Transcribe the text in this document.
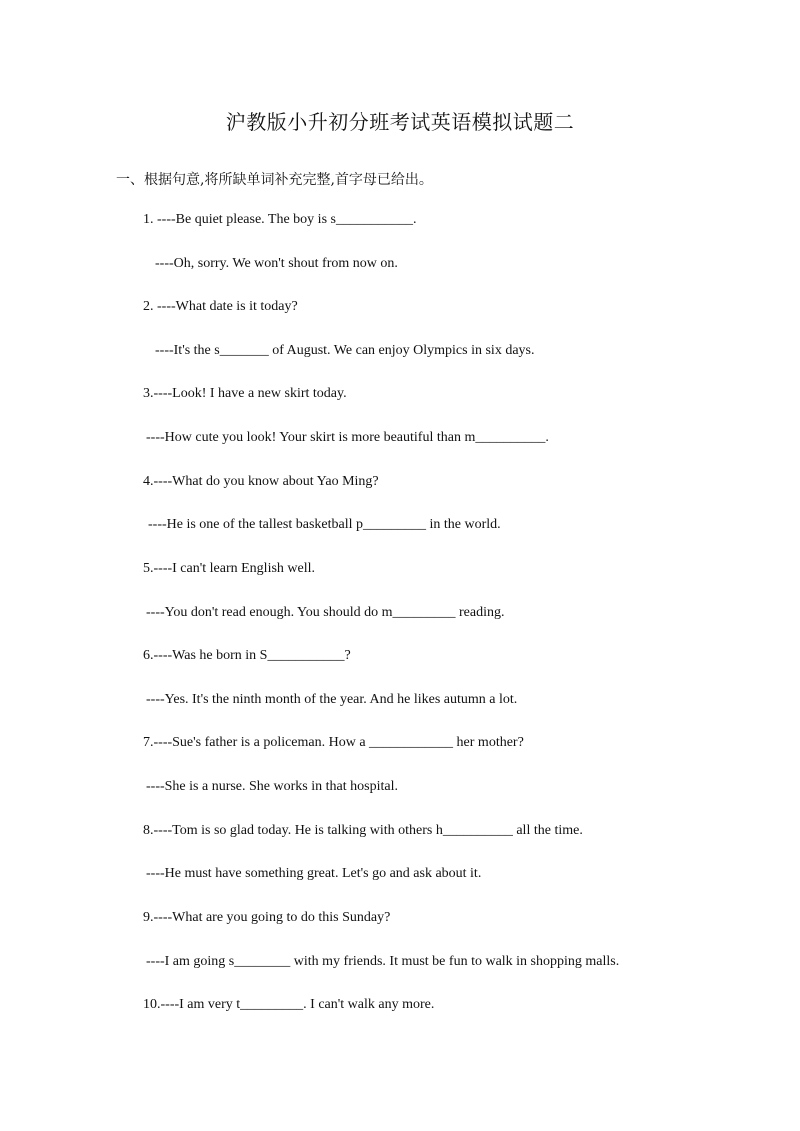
沪教版小升初分班考试英语模拟试题二
一、根据句意,将所缺单词补充完整,首字母已给出。
1. ----Be quiet please. The boy is s___________.
----Oh, sorry. We won't shout from now on.
2. ----What date is it today?
----It's the s_______ of August. We can enjoy Olympics in six days.
3.----Look! I have a new skirt today.
----How cute you look! Your skirt is more beautiful than m__________.
4.----What do you know about Yao Ming?
----He is one of the tallest basketball p_________ in the world.
5.----I can't learn English well.
----You don't read enough. You should do m_________ reading.
6.----Was he born in S___________?
----Yes. It's the ninth month of the year. And he likes autumn a lot.
7.----Sue's father is a policeman. How a ____________ her mother?
----She is a nurse. She works in that hospital.
8.----Tom is so glad today. He is talking with others h__________ all the time.
----He must have something great. Let's go and ask about it.
9.----What are you going to do this Sunday?
----I am going s________ with my friends. It must be fun to walk in shopping malls.
10.----I am very t_________. I can't walk any more.
